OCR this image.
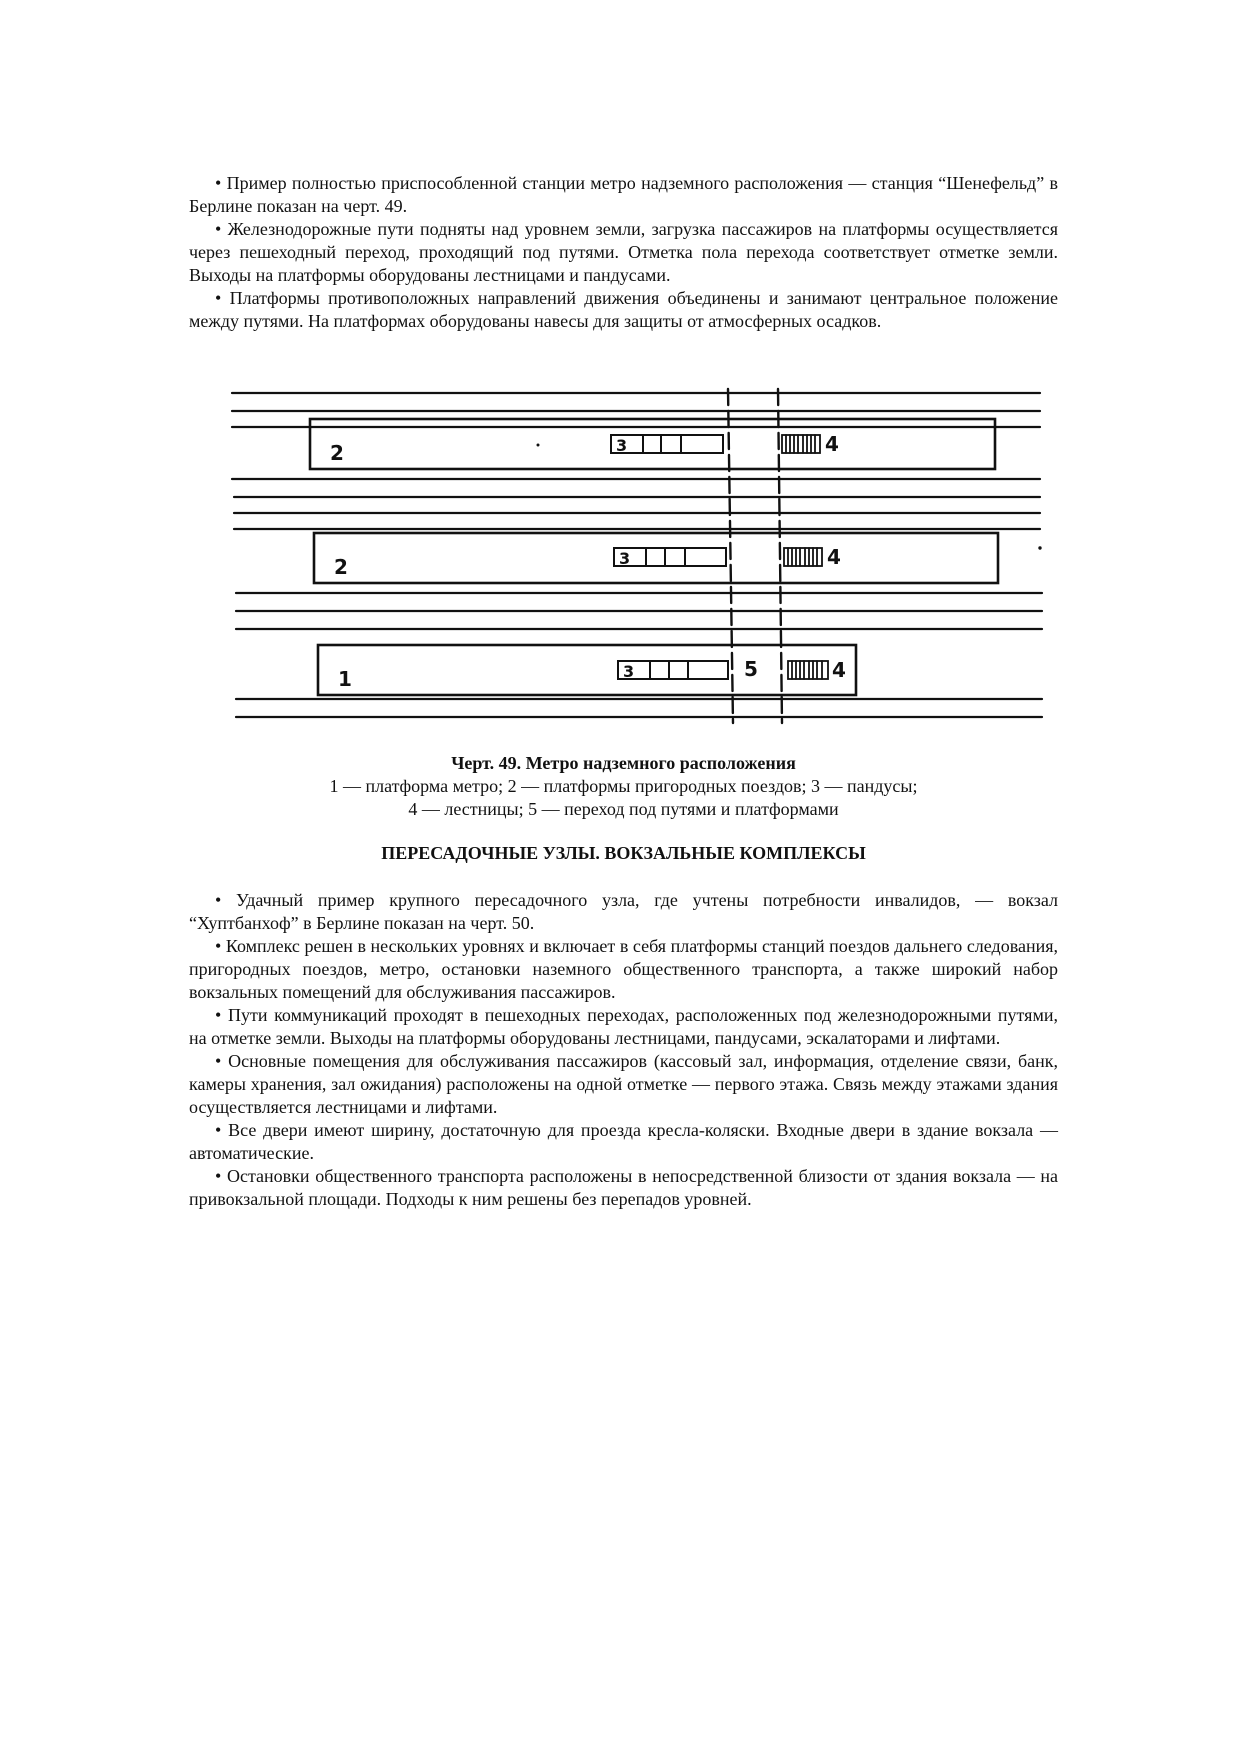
• Пример полностью приспособленной станции метро надземного расположения — станция “Шенефельд” в Берлине показан на черт. 49.

• Железнодорожные пути подняты над уровнем земли, загрузка пассажиров на платформы осуществляется через пешеходный переход, проходящий под путями. Отметка пола перехода соответствует отметке земли. Выходы на платформы оборудованы лестницами и пандусами.

• Платформы противоположных направлений движения объединены и занимают центральное положение между путями. На платформах оборудованы навесы для защиты от атмосферных осадков.

2
2
1
3
3
3
4
4
4
5
Черт. 49. Метро надземного расположения
1 — платформа метро; 2 — платформы пригородных поездов; 3 — пандусы;
4 — лестницы; 5 — переход под путями и платформами
ПЕРЕСАДОЧНЫЕ УЗЛЫ. ВОКЗАЛЬНЫЕ КОМПЛЕКСЫ

• Удачный пример крупного пересадочного узла, где учтены потребности инвалидов, — вокзал “Хуптбанхоф” в Берлине показан на черт. 50.

• Комплекс решен в нескольких уровнях и включает в себя платформы станций поездов дальнего следования, пригородных поездов, метро, остановки наземного общественного транспорта, а также широкий набор вокзальных помещений для обслуживания пассажиров.

• Пути коммуникаций проходят в пешеходных переходах, расположенных под железнодорожными путями, на отметке земли. Выходы на платформы оборудованы лестницами, пандусами, эскалаторами и лифтами.

• Основные помещения для обслуживания пассажиров (кассовый зал, информация, отделение связи, банк, камеры хранения, зал ожидания) расположены на одной отметке — первого этажа. Связь между этажами здания осуществляется лестницами и лифтами.

• Все двери имеют ширину, достаточную для проезда кресла-коляски. Входные двери в здание вокзала — автоматические.

• Остановки общественного транспорта расположены в непосредственной близости от здания вокзала — на привокзальной площади. Подходы к ним решены без перепадов уровней.
